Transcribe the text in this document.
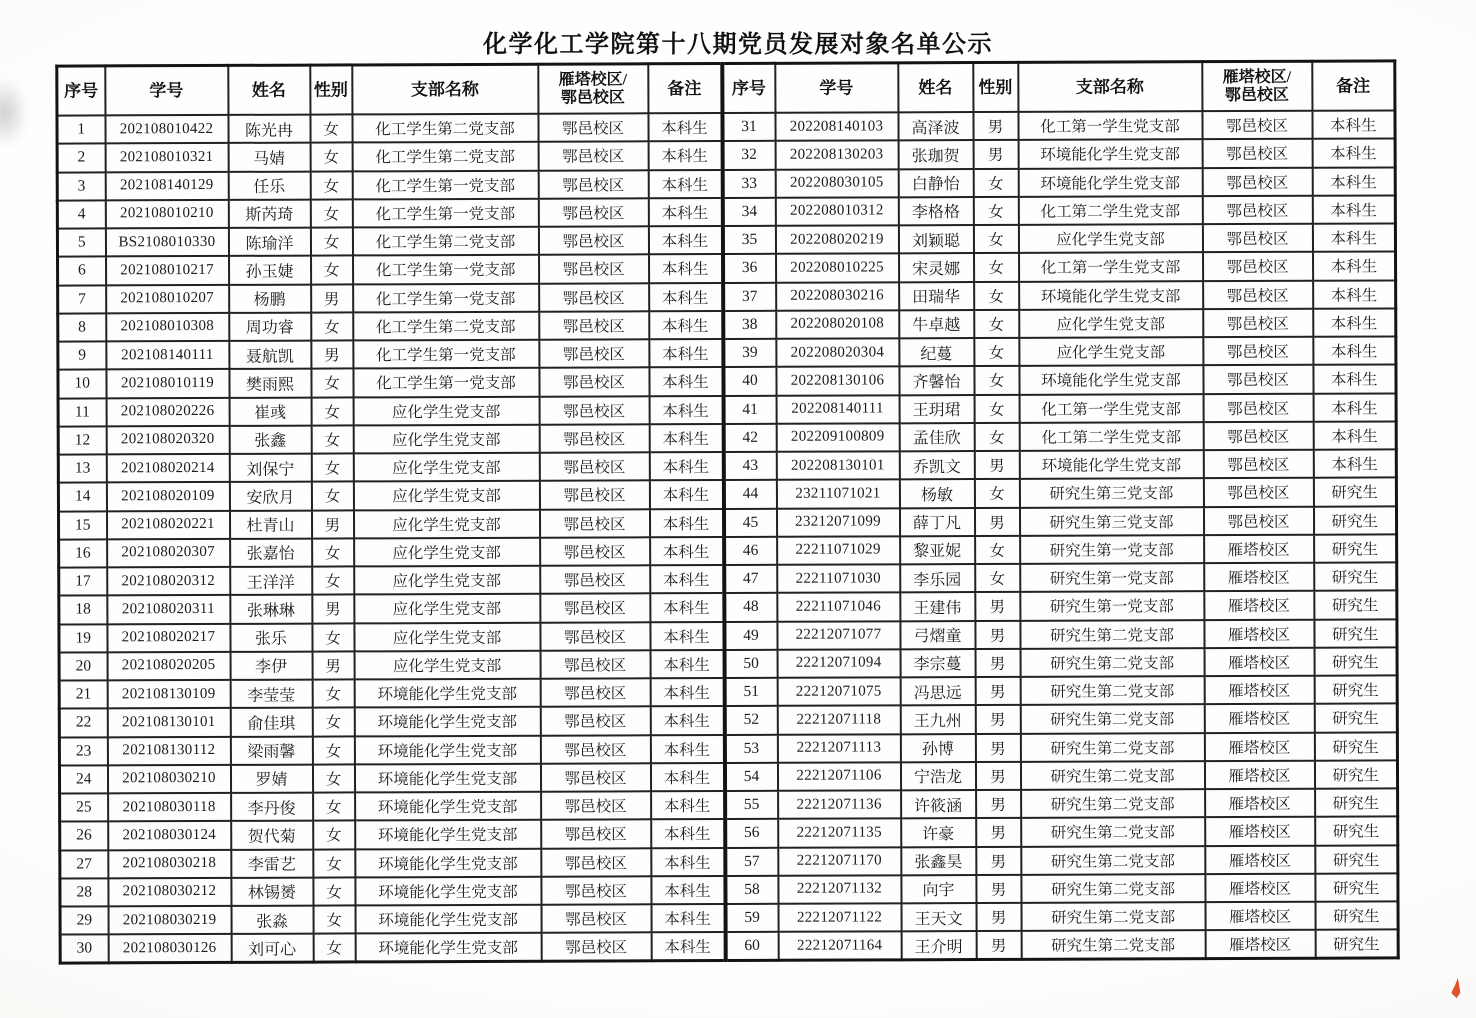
化学化工学院第十八期党员发展对象名单公示
序号	学号	姓名	性别	支部名称	雁塔校区/
鄂邑校区	备注	序号	学号	姓名	性别	支部名称	雁塔校区/
鄂邑校区	备注
1	202108010422	陈光冉	女	化工学生第二党支部	鄂邑校区	本科生	31	202208140103	高泽波	男	化工第一学生党支部	鄂邑校区	本科生
2	202108010321	马婧	女	化工学生第二党支部	鄂邑校区	本科生	32	202208130203	张珈贺	男	环境能化学生党支部	鄂邑校区	本科生
3	202108140129	任乐	女	化工学生第一党支部	鄂邑校区	本科生	33	202208030105	白静怡	女	环境能化学生党支部	鄂邑校区	本科生
4	202108010210	斯芮琦	女	化工学生第一党支部	鄂邑校区	本科生	34	202208010312	李格格	女	化工第二学生党支部	鄂邑校区	本科生
5	BS2108010330	陈瑜洋	女	化工学生第二党支部	鄂邑校区	本科生	35	202208020219	刘颖聪	女	应化学生党支部	鄂邑校区	本科生
6	202108010217	孙玉婕	女	化工学生第一党支部	鄂邑校区	本科生	36	202208010225	宋灵娜	女	化工第一学生党支部	鄂邑校区	本科生
7	202108010207	杨鹏	男	化工学生第一党支部	鄂邑校区	本科生	37	202208030216	田瑞华	女	环境能化学生党支部	鄂邑校区	本科生
8	202108010308	周功睿	女	化工学生第二党支部	鄂邑校区	本科生	38	202208020108	牛卓越	女	应化学生党支部	鄂邑校区	本科生
9	202108140111	聂航凯	男	化工学生第一党支部	鄂邑校区	本科生	39	202208020304	纪蔓	女	应化学生党支部	鄂邑校区	本科生
10	202108010119	樊雨熙	女	化工学生第一党支部	鄂邑校区	本科生	40	202208130106	齐馨怡	女	环境能化学生党支部	鄂邑校区	本科生
11	202108020226	崔彧	女	应化学生党支部	鄂邑校区	本科生	41	202208140111	王玥珺	女	化工第一学生党支部	鄂邑校区	本科生
12	202108020320	张鑫	女	应化学生党支部	鄂邑校区	本科生	42	202209100809	孟佳欣	女	化工第二学生党支部	鄂邑校区	本科生
13	202108020214	刘保宁	女	应化学生党支部	鄂邑校区	本科生	43	202208130101	乔凯文	男	环境能化学生党支部	鄂邑校区	本科生
14	202108020109	安欣月	女	应化学生党支部	鄂邑校区	本科生	44	23211071021	杨敏	女	研究生第三党支部	鄂邑校区	研究生
15	202108020221	杜青山	男	应化学生党支部	鄂邑校区	本科生	45	23212071099	薛丁凡	男	研究生第三党支部	鄂邑校区	研究生
16	202108020307	张嘉怡	女	应化学生党支部	鄂邑校区	本科生	46	22211071029	黎亚妮	女	研究生第一党支部	雁塔校区	研究生
17	202108020312	王洋洋	女	应化学生党支部	鄂邑校区	本科生	47	22211071030	李乐园	女	研究生第一党支部	雁塔校区	研究生
18	202108020311	张琳琳	男	应化学生党支部	鄂邑校区	本科生	48	22211071046	王建伟	男	研究生第一党支部	雁塔校区	研究生
19	202108020217	张乐	女	应化学生党支部	鄂邑校区	本科生	49	22212071077	弓熠童	男	研究生第二党支部	雁塔校区	研究生
20	202108020205	李伊	男	应化学生党支部	鄂邑校区	本科生	50	22212071094	李宗蔓	男	研究生第二党支部	雁塔校区	研究生
21	202108130109	李莹莹	女	环境能化学生党支部	鄂邑校区	本科生	51	22212071075	冯思远	男	研究生第二党支部	雁塔校区	研究生
22	202108130101	俞佳琪	女	环境能化学生党支部	鄂邑校区	本科生	52	22212071118	王九州	男	研究生第二党支部	雁塔校区	研究生
23	202108130112	梁雨馨	女	环境能化学生党支部	鄂邑校区	本科生	53	22212071113	孙博	男	研究生第二党支部	雁塔校区	研究生
24	202108030210	罗婧	女	环境能化学生党支部	鄂邑校区	本科生	54	22212071106	宁浩龙	男	研究生第二党支部	雁塔校区	研究生
25	202108030118	李丹俊	女	环境能化学生党支部	鄂邑校区	本科生	55	22212071136	许筱涵	男	研究生第二党支部	雁塔校区	研究生
26	202108030124	贺代菊	女	环境能化学生党支部	鄂邑校区	本科生	56	22212071135	许豪	男	研究生第二党支部	雁塔校区	研究生
27	202108030218	李雷艺	女	环境能化学生党支部	鄂邑校区	本科生	57	22212071170	张鑫昊	男	研究生第二党支部	雁塔校区	研究生
28	202108030212	林锡赟	女	环境能化学生党支部	鄂邑校区	本科生	58	22212071132	向宇	男	研究生第二党支部	雁塔校区	研究生
29	202108030219	张淼	女	环境能化学生党支部	鄂邑校区	本科生	59	22212071122	王天文	男	研究生第二党支部	雁塔校区	研究生
30	202108030126	刘可心	女	环境能化学生党支部	鄂邑校区	本科生	60	22212071164	王介明	男	研究生第二党支部	雁塔校区	研究生
